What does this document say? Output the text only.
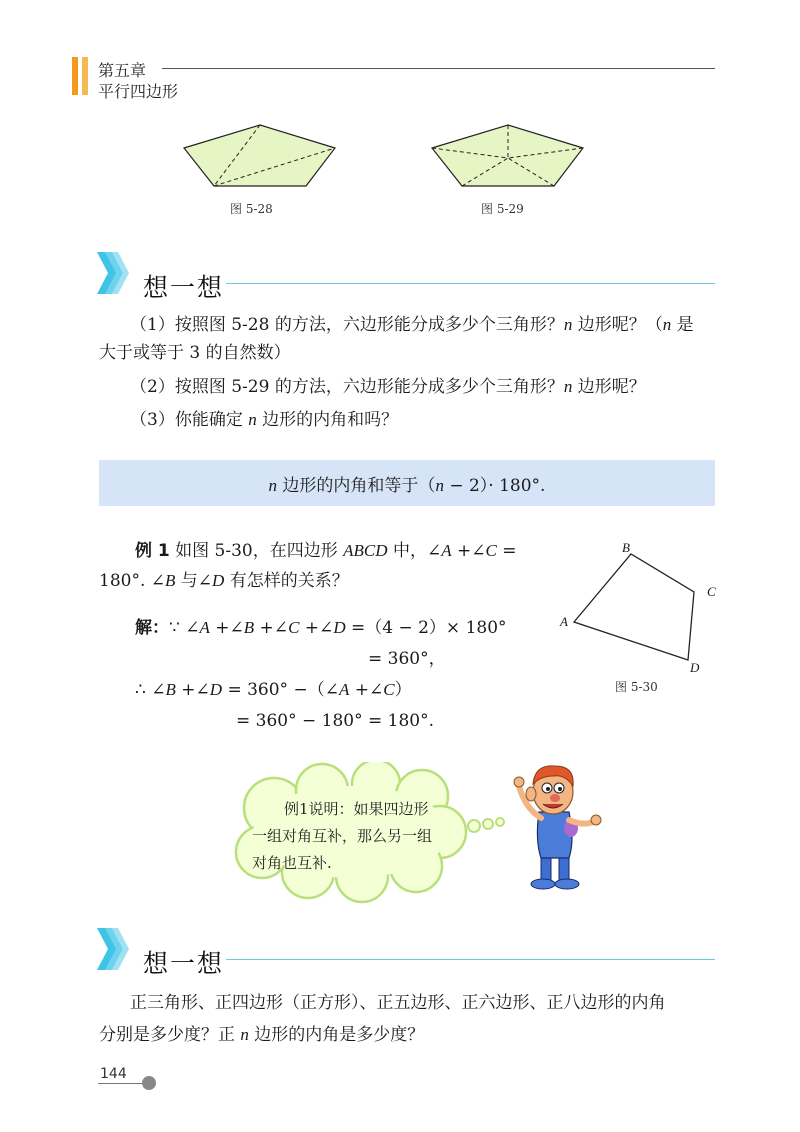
第五章
平行四边形
图 5-28	图 5-29
想一想
（1）按照图 5-28 的方法，六边形能分成多少个三角形？n 边形呢？（n 是
大于或等于 3 的自然数）
（2）按照图 5-29 的方法，六边形能分成多少个三角形？n 边形呢？
（3）你能确定 n 边形的内角和吗？
n 边形的内角和等于（n − 2）· 180°.
例 1 如图 5-30，在四边形 ABCD 中，∠A +∠C =
180°. ∠B 与∠D 有怎样的关系？
解：∵ ∠A +∠B +∠C +∠D =（4 − 2）× 180°
= 360°，
∴ ∠B +∠D = 360° −（∠A +∠C）
= 360° − 180° = 180°.
B
C
A
D
图 5-30
例1说明：如果四边形
一组对角互补，那么另一组
对角也互补.
想一想
正三角形、正四边形（正方形）、正五边形、正六边形、正八边形的内角
分别是多少度？正 n 边形的内角是多少度？
144
